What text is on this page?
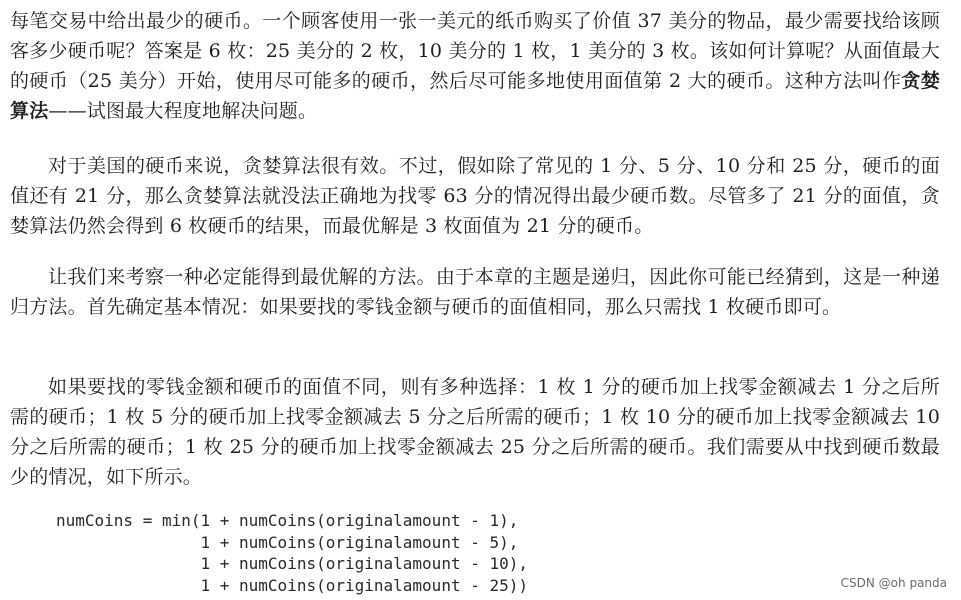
每笔交易中给出最少的硬币。一个顾客使用一张一美元的纸币购买了价值 37 美分的物品，最少需要找给该顾客多少硬币呢？答案是 6 枚：25 美分的 2 枚，10 美分的 1 枚，1 美分的 3 枚。该如何计算呢？从面值最大的硬币（25 美分）开始，使用尽可能多的硬币，然后尽可能多地使用面值第 2 大的硬币。这种方法叫作贪婪算法——试图最大程度地解决问题。

对于美国的硬币来说，贪婪算法很有效。不过，假如除了常见的 1 分、5 分、10 分和 25 分，硬币的面值还有 21 分，那么贪婪算法就没法正确地为找零 63 分的情况得出最少硬币数。尽管多了 21 分的面值，贪婪算法仍然会得到 6 枚硬币的结果，而最优解是 3 枚面值为 21 分的硬币。

让我们来考察一种必定能得到最优解的方法。由于本章的主题是递归，因此你可能已经猜到，这是一种递归方法。首先确定基本情况：如果要找的零钱金额与硬币的面值相同，那么只需找 1 枚硬币即可。

如果要找的零钱金额和硬币的面值不同，则有多种选择：1 枚 1 分的硬币加上找零金额减去 1 分之后所需的硬币；1 枚 5 分的硬币加上找零金额减去 5 分之后所需的硬币；1 枚 10 分的硬币加上找零金额减去 10 分之后所需的硬币；1 枚 25 分的硬币加上找零金额减去 25 分之后所需的硬币。我们需要从中找到硬币数最少的情况，如下所示。

numCoins = min(1 + numCoins(originalamount - 1),
1 + numCoins(originalamount - 5),
1 + numCoins(originalamount - 10),
1 + numCoins(originalamount - 25))	CSDN @oh panda
